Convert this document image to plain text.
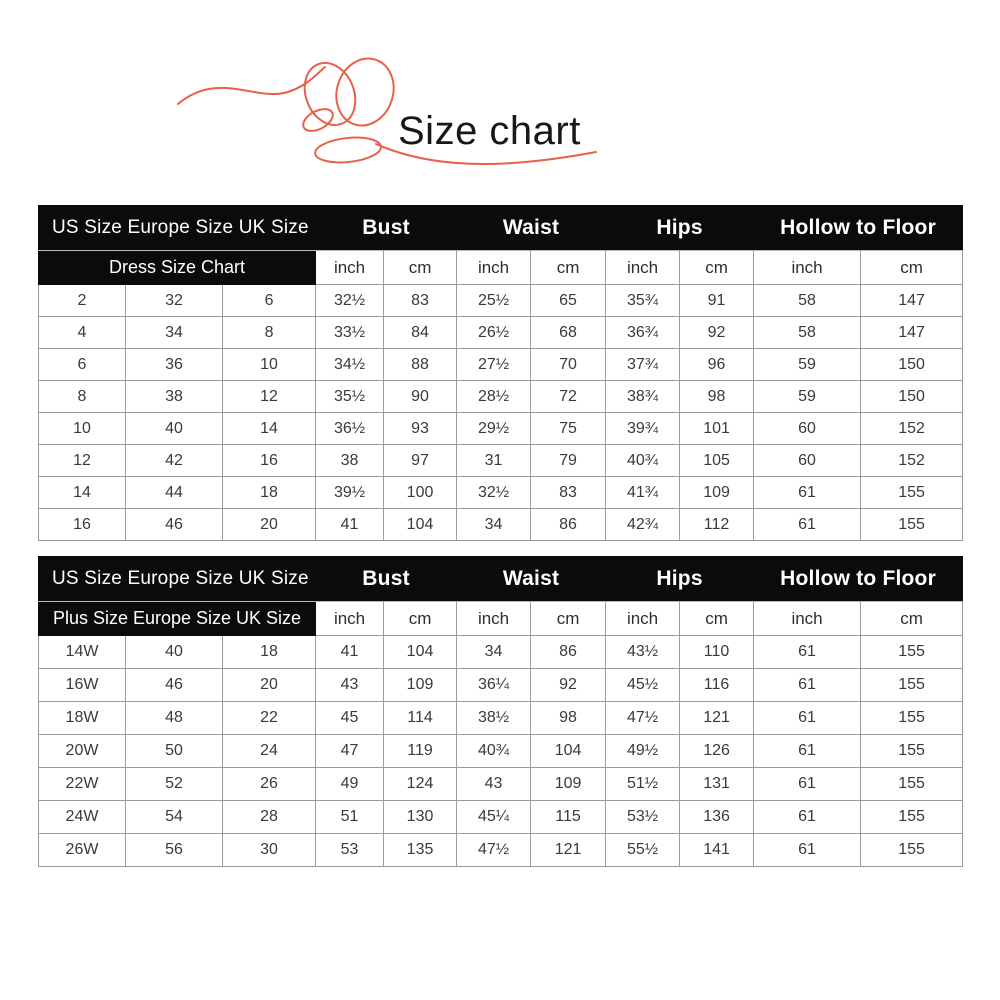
Size chart
US Size Europe Size UK Size			Bust		Waist		Hips		Hollow to Floor	
Dress Size Chart			inch	cm	inch	cm	inch	cm	inch	cm
2	32	6	32½	83	25½	65	35¾	91	58	147
4	34	8	33½	84	26½	68	36¾	92	58	147
6	36	10	34½	88	27½	70	37¾	96	59	150
8	38	12	35½	90	28½	72	38¾	98	59	150
10	40	14	36½	93	29½	75	39¾	101	60	152
12	42	16	38	97	31	79	40¾	105	60	152
14	44	18	39½	100	32½	83	41¾	109	61	155
16	46	20	41	104	34	86	42¾	112	61	155
US Size Europe Size UK Size			Bust		Waist		Hips		Hollow to Floor	
Plus Size Europe Size UK Size			inch	cm	inch	cm	inch	cm	inch	cm
14W	40	18	41	104	34	86	43½	110	61	155
16W	46	20	43	109	36¼	92	45½	116	61	155
18W	48	22	45	114	38½	98	47½	121	61	155
20W	50	24	47	119	40¾	104	49½	126	61	155
22W	52	26	49	124	43	109	51½	131	61	155
24W	54	28	51	130	45¼	115	53½	136	61	155
26W	56	30	53	135	47½	121	55½	141	61	155
